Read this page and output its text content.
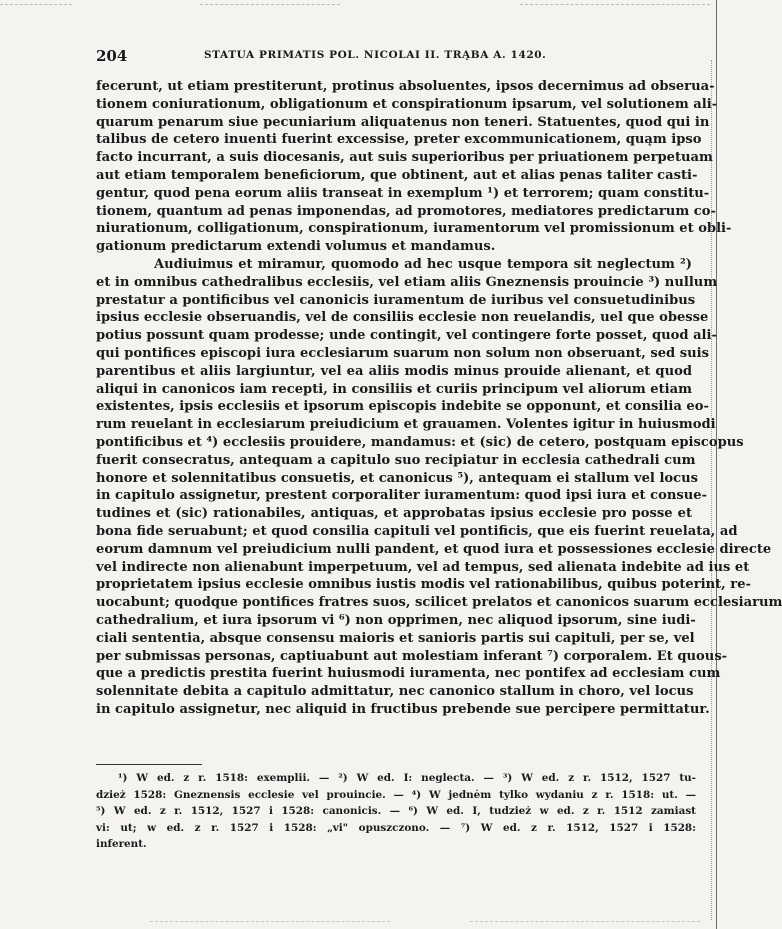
204	STATUA PRIMATIS POL. NICOLAI II. TRĄBA A. 1420.
fecerunt, ut etiam prestiterunt, protinus absoluentes, ipsos decernimus ad obserua-
tionem coniurationum, obligationum et conspirationum ipsarum, vel solutionem ali-
quarum penarum siue pecuniarium aliquatenus non teneri. Statuentes, quod qui in
talibus de cetero inuenti fuerint excessise, preter excommunicationem, quąm ipso
facto incurrant, a suis diocesanis, aut suis superioribus per priuationem perpetuam
aut etiam temporalem beneficiorum, que obtinent, aut et alias penas taliter casti-
gentur, quod pena eorum aliis transeat in exemplum ¹) et terrorem; quam constitu-
tionem, quantum ad penas imponendas, ad promotores, mediatores predictarum co-
niurationum, colligationum, conspirationum, iuramentorum vel promissionum et obli-
gationum predictarum extendi volumus et mandamus.
Audiuimus et miramur, quomodo ad hec usque tempora sit neglectum ²)
et in omnibus cathedralibus ecclesiis, vel etiam aliis Gneznensis prouincie ³) nullum
prestatur a pontificibus vel canonicis iuramentum de iuribus vel consuetudinibus
ipsius ecclesie obseruandis, vel de consiliis ecclesie non reuelandis, uel que obesse
potius possunt quam prodesse; unde contingit, vel contingere forte posset, quod ali-
qui pontifices episcopi iura ecclesiarum suarum non solum non obseruant, sed suis
parentibus et aliis largiuntur, vel ea aliis modis minus prouide alienant, et quod
aliqui in canonicos iam recepti, in consiliis et curiis principum vel aliorum etiam
existentes, ipsis ecclesiis et ipsorum episcopis indebite se opponunt, et consilia eo-
rum reuelant in ecclesiarum preiudicium et grauamen. Volentes igitur in huiusmodi
pontificibus et ⁴) ecclesiis prouidere, mandamus: et (sic) de cetero, postquam episcopus
fuerit consecratus, antequam a capitulo suo recipiatur in ecclesia cathedrali cum
honore et solennitatibus consuetis, et canonicus ⁵), antequam ei stallum vel locus
in capitulo assignetur, prestent corporaliter iuramentum: quod ipsi iura et consue-
tudines et (sic) rationabiles, antiquas, et approbatas ipsius ecclesie pro posse et
bona fide seruabunt; et quod consilia capituli vel pontificis, que eis fuerint reuelata, ad
eorum damnum vel preiudicium nulli pandent, et quod iura et possessiones ecclesie directe
vel indirecte non alienabunt imperpetuum, vel ad tempus, sed alienata indebite ad ius et
proprietatem ipsius ecclesie omnibus iustis modis vel rationabilibus, quibus poterint, re-
uocabunt; quodque pontifices fratres suos, scilicet prelatos et canonicos suarum ecclesiarum
cathedralium, et iura ipsorum vi ⁶) non opprimen, nec aliquod ipsorum, sine iudi-
ciali sententia, absque consensu maioris et sanioris partis sui capituli, per se, vel
per submissas personas, captiuabunt aut molestiam inferant ⁷) corporalem. Et quous-
que a predictis prestita fuerint huiusmodi iuramenta, nec pontifex ad ecclesiam cum
solennitate debita a capitulo admittatur, nec canonico stallum in choro, vel locus
in capitulo assignetur, nec aliquid in fructibus prebende sue percipere permittatur.
¹) W ed. z r. 1518: exemplii. — ²) W ed. I: neglecta. — ³) W ed. z r. 1512, 1527 tu-
dzież 1528: Gneznensis ecclesie vel prouincie. — ⁴) W jednėm tylko wydaniu z r. 1518: ut. —
⁵) W ed. z r. 1512, 1527 i 1528: canonicis. — ⁶) W ed. I, tudzież w ed. z r. 1512 zamiast
vi: ut; w ed. z r. 1527 i 1528: „vi" opuszczono. — ⁷) W ed. z r. 1512, 1527 i 1528:
inferent.
